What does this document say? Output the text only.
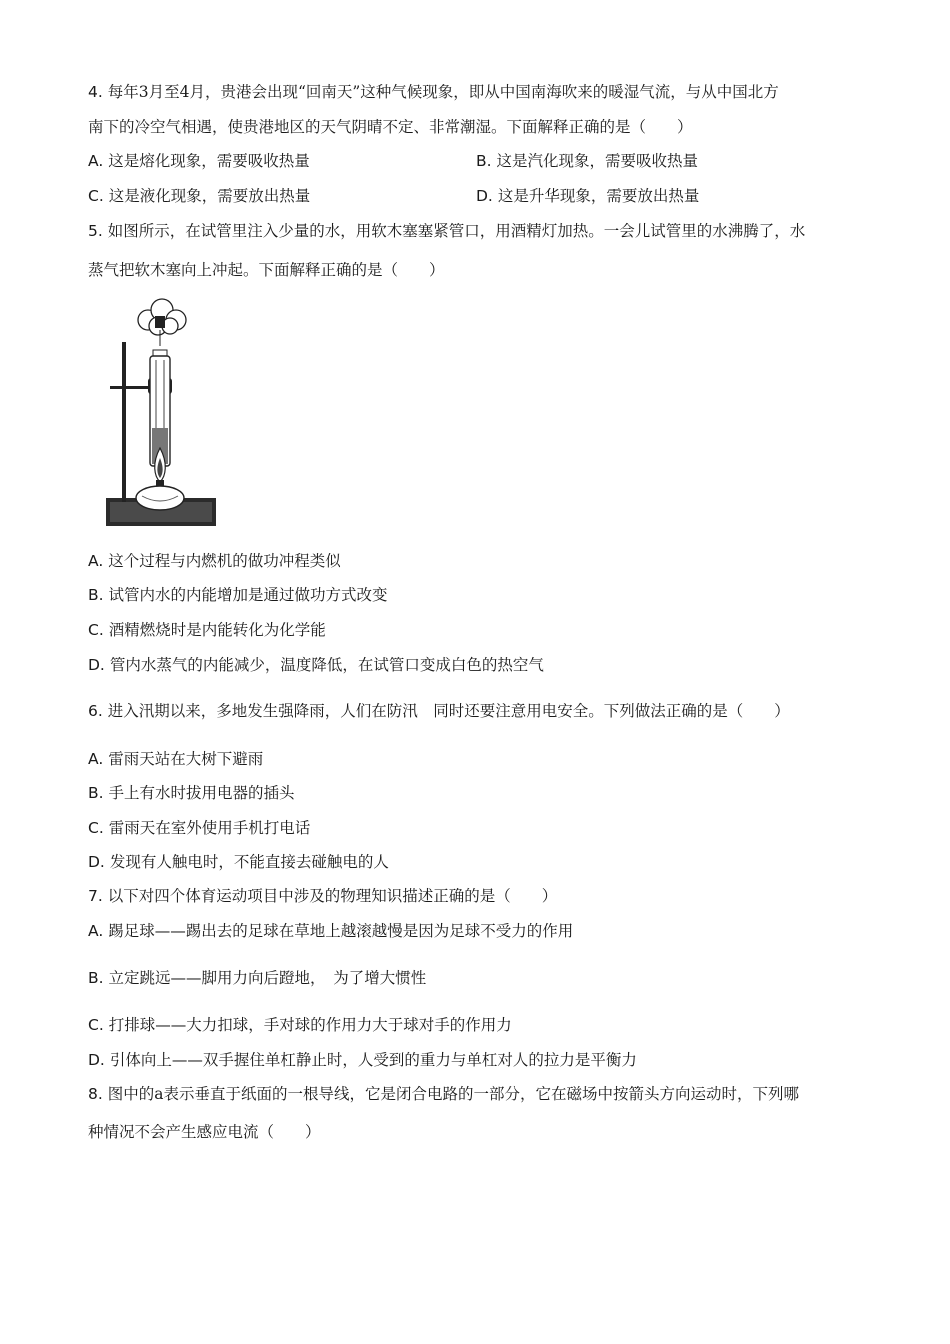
4. 每年3月至4月，贵港会出现“回南天”这种气候现象，即从中国南海吹来的暖湿气流，与从中国北方
南下的冷空气相遇，使贵港地区的天气阴晴不定、非常潮湿。下面解释正确的是（　　）
A. 这是熔化现象，需要吸收热量	B. 这是汽化现象，需要吸收热量
C. 这是液化现象，需要放出热量	D. 这是升华现象，需要放出热量
5. 如图所示，在试管里注入少量的水，用软木塞塞紧管口，用酒精灯加热。一会儿试管里的水沸腾了，水
蒸气把软木塞向上冲起。下面解释正确的是（　　）
A. 这个过程与内燃机的做功冲程类似
B. 试管内水的内能增加是通过做功方式改变
C. 酒精燃烧时是内能转化为化学能
D. 管内水蒸气的内能减少，温度降低，在试管口变成白色的热空气
6. 进入汛期以来，多地发生强降雨，人们在防汛　同时还要注意用电安全。下列做法正确的是（　　）
A. 雷雨天站在大树下避雨
B. 手上有水时拔用电器的插头
C. 雷雨天在室外使用手机打电话
D. 发现有人触电时，不能直接去碰触电的人
7. 以下对四个体育运动项目中涉及的物理知识描述正确的是（　　）
A. 踢足球——踢出去的足球在草地上越滚越慢是因为足球不受力的作用
B. 立定跳远——脚用力向后蹬地，　为了增大惯性
C. 打排球——大力扣球，手对球的作用力大于球对手的作用力
D. 引体向上——双手握住单杠静止时，人受到的重力与单杠对人的拉力是平衡力
8. 图中的a表示垂直于纸面的一根导线，它是闭合电路的一部分，它在磁场中按箭头方向运动时，下列哪
种情况不会产生感应电流（　　）
